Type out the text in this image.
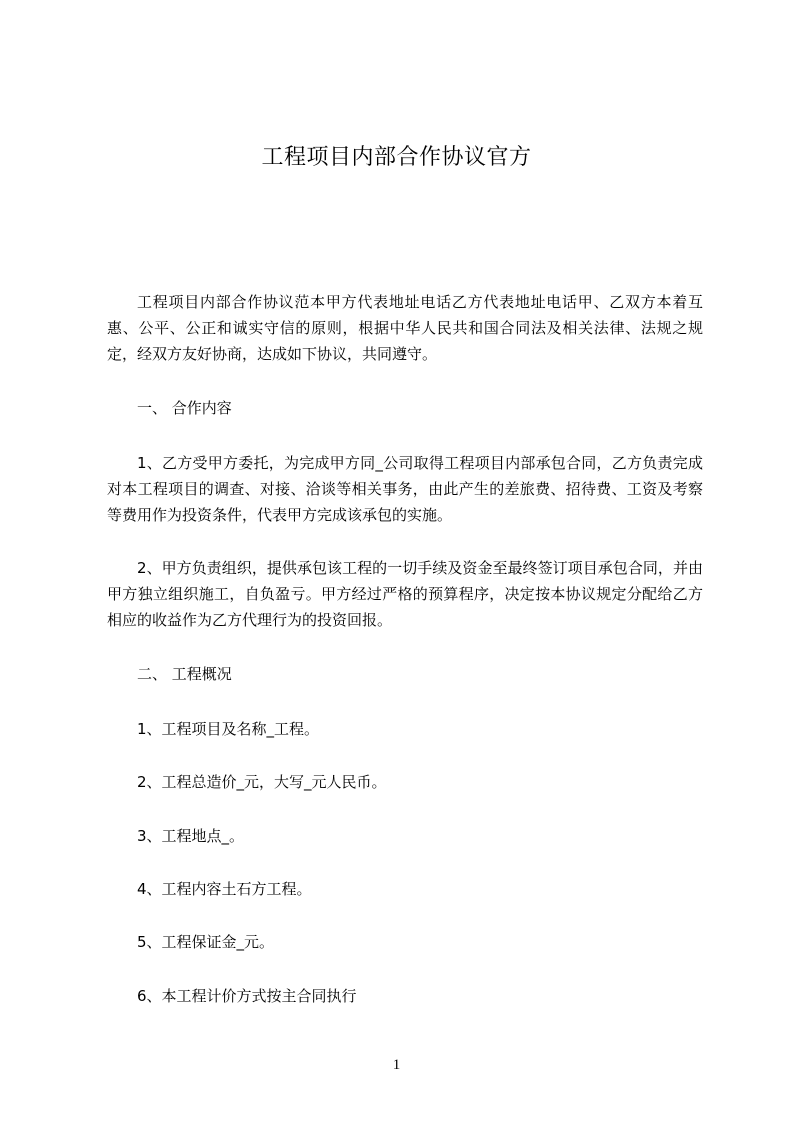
工程项目内部合作协议官方

工程项目内部合作协议范本甲方代表地址电话乙方代表地址电话甲、乙双方本着互惠、公平、公正和诚实守信的原则，根据中华人民共和国合同法及相关法律、法规之规定，经双方友好协商，达成如下协议，共同遵守。

一、 合作内容

1、乙方受甲方委托，为完成甲方同_公司取得工程项目内部承包合同，乙方负责完成对本工程项目的调查、对接、洽谈等相关事务，由此产生的差旅费、招待费、工资及考察等费用作为投资条件，代表甲方完成该承包的实施。

2、甲方负责组织，提供承包该工程的一切手续及资金至最终签订项目承包合同，并由甲方独立组织施工，自负盈亏。甲方经过严格的预算程序，决定按本协议规定分配给乙方相应的收益作为乙方代理行为的投资回报。

二、 工程概况
1、工程项目及名称_工程。
2、工程总造价_元，大写_元人民币。
3、工程地点_。
4、工程内容土石方工程。
5、工程保证金_元。
6、本工程计价方式按主合同执行
1
